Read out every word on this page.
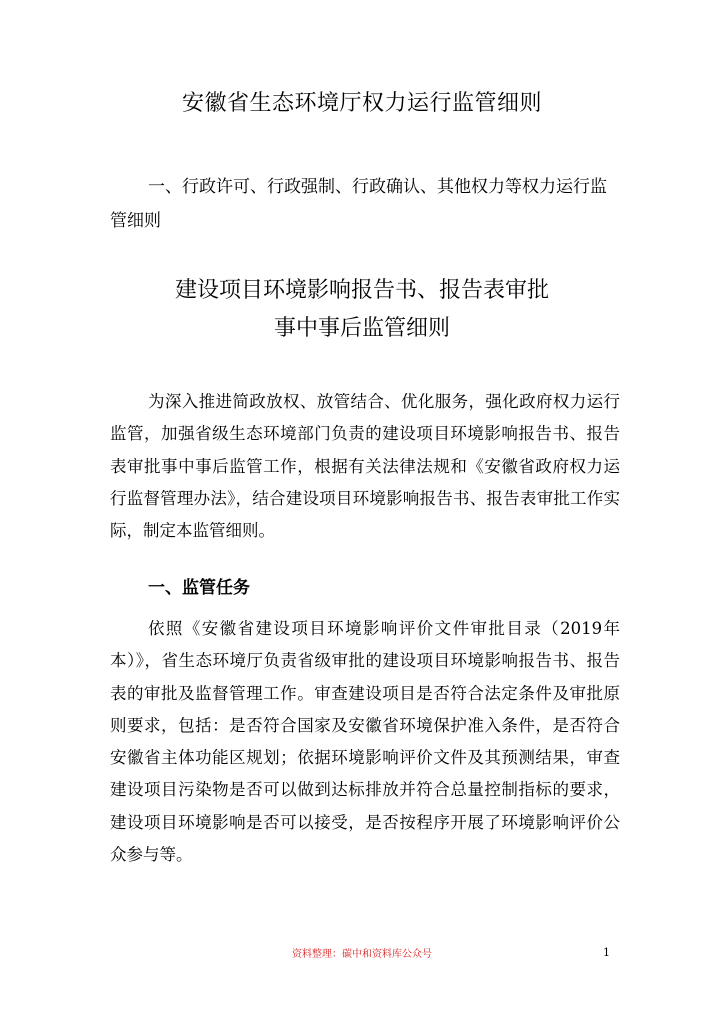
安徽省生态环境厅权力运行监管细则
一、行政许可、行政强制、行政确认、其他权力等权力运行监管细则
建设项目环境影响报告书、报告表审批
事中事后监管细则

为深入推进简政放权、放管结合、优化服务，强化政府权力运行监管，加强省级生态环境部门负责的建设项目环境影响报告书、报告表审批事中事后监管工作，根据有关法律法规和《安徽省政府权力运行监督管理办法》，结合建设项目环境影响报告书、报告表审批工作实际，制定本监管细则。

一、监管任务

依照《安徽省建设项目环境影响评价文件审批目录（2019年本）》，省生态环境厅负责省级审批的建设项目环境影响报告书、报告表的审批及监督管理工作。审查建设项目是否符合法定条件及审批原则要求，包括：是否符合国家及安徽省环境保护准入条件，是否符合安徽省主体功能区规划；依据环境影响评价文件及其预测结果，审查建设项目污染物是否可以做到达标排放并符合总量控制指标的要求，建设项目环境影响是否可以接受，是否按程序开展了环境影响评价公众参与等。

资料整理：碳中和资料库公众号	1
